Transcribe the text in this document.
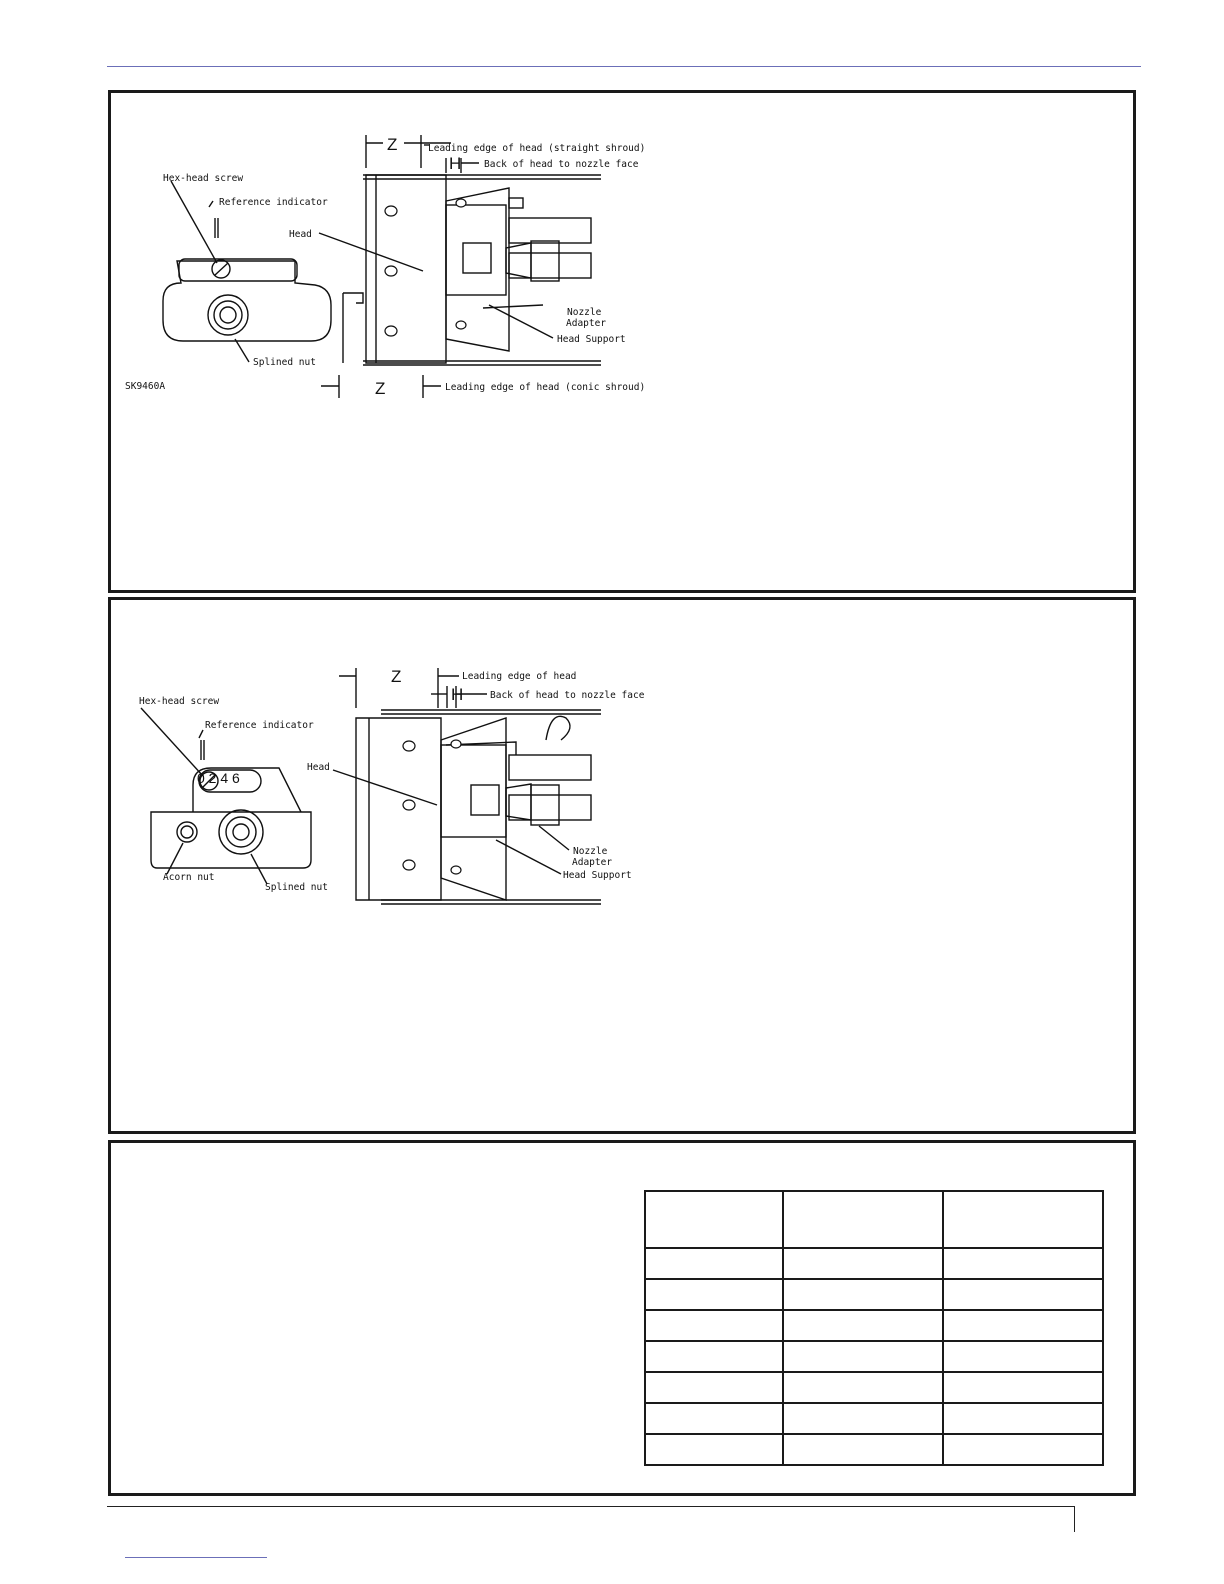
Hex-head screw
Reference indicator
Head
Splined nut
SK9460A
Z
Z
Leading edge of head (straight shroud)
H Back of head to nozzle face
Nozzle
Adapter
Head Support
Leading edge of head (conic shroud)
Hex-head screw
Reference indicator
0 2 4 6
Head
Acorn nut
Splined nut
Z	Leading edge of head
H	Back of head to nozzle face
Nozzle
Adapter
Head Support
